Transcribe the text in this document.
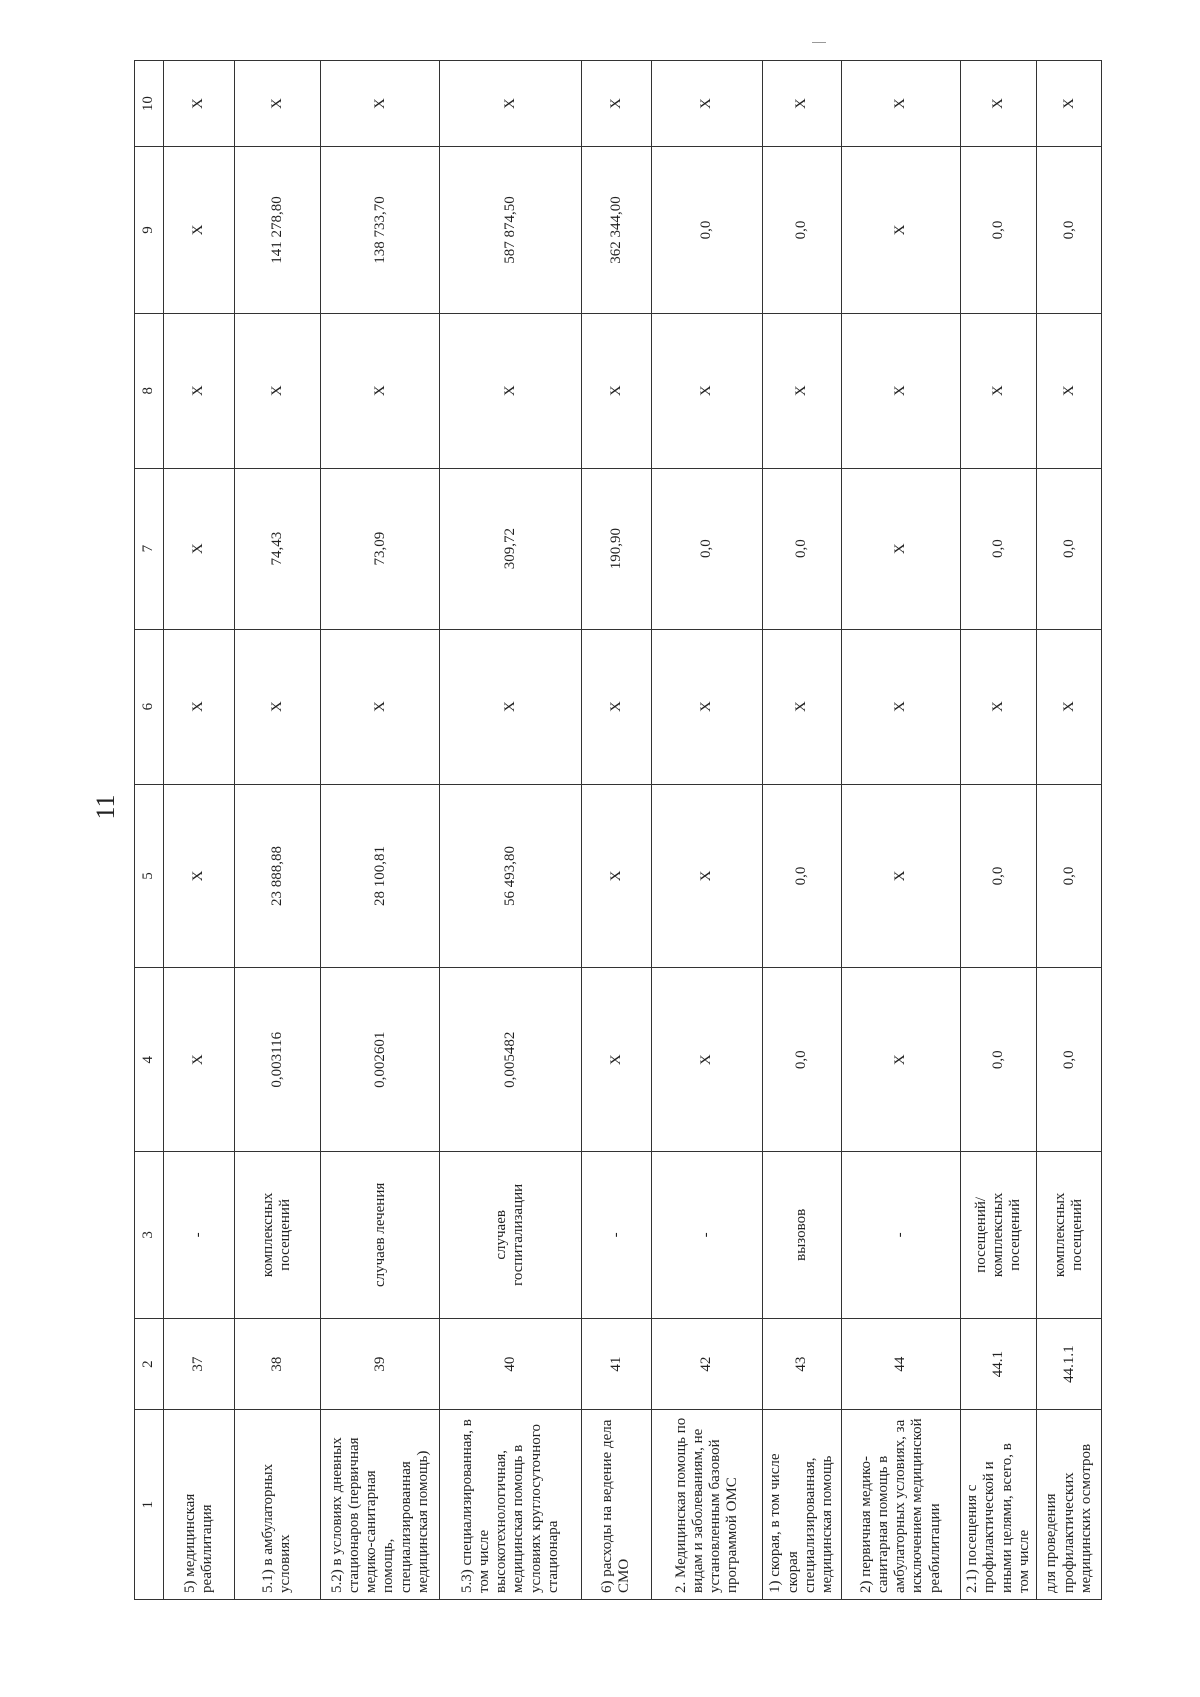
11
1	2	3	4	5	6	7	8	9	10
5) медицинская реабилитация	37	-	X	X	X	X	X	X	X
5.1) в амбулаторных условиях	38	комплексных посещений	0,003116	23 888,88	X	74,43	X	141 278,80	X
5.2) в условиях дневных стационаров (первичная медико-санитарная помощь, специализированная медицинская помощь)	39	случаев лечения	0,002601	28 100,81	X	73,09	X	138 733,70	X
5.3) специализированная, в том числе высокотехнологичная, медицинская помощь в условиях круглосуточного стационара	40	случаев госпитализации	0,005482	56 493,80	X	309,72	X	587 874,50	X
6) расходы на ведение дела СМО	41	-	X	X	X	190,90	X	362 344,00	X
2. Медицинская помощь по видам и заболеваниям, не установленным базовой программой ОМС	42	-	X	X	X	0,0	X	0,0	X
1) скорая, в том числе скорая специализированная, медицинская помощь	43	вызовов	0,0	0,0	X	0,0	X	0,0	X
2) первичная медико-санитарная помощь в амбулаторных условиях, за исключением медицинской реабилитации	44	-	X	X	X	X	X	X	X
2.1) посещения с профилактической и иными целями, всего, в том числе	44.1	посещений/ комплексных посещений	0,0	0,0	X	0,0	X	0,0	X
для проведения профилактических медицинских осмотров	44.1.1	комплексных посещений	0,0	0,0	X	0,0	X	0,0	X
